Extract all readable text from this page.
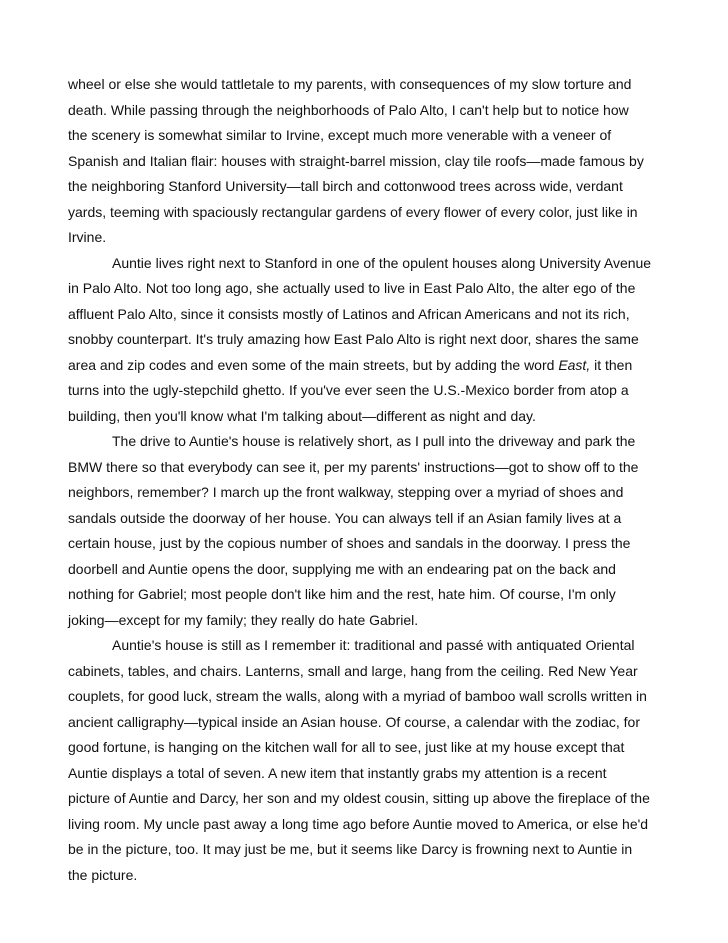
wheel or else she would tattletale to my parents, with consequences of my slow torture and
death. While passing through the neighborhoods of Palo Alto, I can't help but to notice how
the scenery is somewhat similar to Irvine, except much more venerable with a veneer of
Spanish and Italian flair: houses with straight-barrel mission, clay tile roofs—made famous by
the neighboring Stanford University—tall birch and cottonwood trees across wide, verdant
yards, teeming with spaciously rectangular gardens of every flower of every color, just like in
Irvine.
Auntie lives right next to Stanford in one of the opulent houses along University Avenue
in Palo Alto. Not too long ago, she actually used to live in East Palo Alto, the alter ego of the
affluent Palo Alto, since it consists mostly of Latinos and African Americans and not its rich,
snobby counterpart. It's truly amazing how East Palo Alto is right next door, shares the same
area and zip codes and even some of the main streets, but by adding the word East, it then
turns into the ugly-stepchild ghetto. If you've ever seen the U.S.-Mexico border from atop a
building, then you'll know what I'm talking about—different as night and day.
The drive to Auntie's house is relatively short, as I pull into the driveway and park the
BMW there so that everybody can see it, per my parents' instructions—got to show off to the
neighbors, remember? I march up the front walkway, stepping over a myriad of shoes and
sandals outside the doorway of her house. You can always tell if an Asian family lives at a
certain house, just by the copious number of shoes and sandals in the doorway. I press the
doorbell and Auntie opens the door, supplying me with an endearing pat on the back and
nothing for Gabriel; most people don't like him and the rest, hate him. Of course, I'm only
joking—except for my family; they really do hate Gabriel.
Auntie's house is still as I remember it: traditional and passé with antiquated Oriental
cabinets, tables, and chairs. Lanterns, small and large, hang from the ceiling. Red New Year
couplets, for good luck, stream the walls, along with a myriad of bamboo wall scrolls written in
ancient calligraphy—typical inside an Asian house. Of course, a calendar with the zodiac, for
good fortune, is hanging on the kitchen wall for all to see, just like at my house except that
Auntie displays a total of seven. A new item that instantly grabs my attention is a recent
picture of Auntie and Darcy, her son and my oldest cousin, sitting up above the fireplace of the
living room. My uncle past away a long time ago before Auntie moved to America, or else he'd
be in the picture, too. It may just be me, but it seems like Darcy is frowning next to Auntie in
the picture.
